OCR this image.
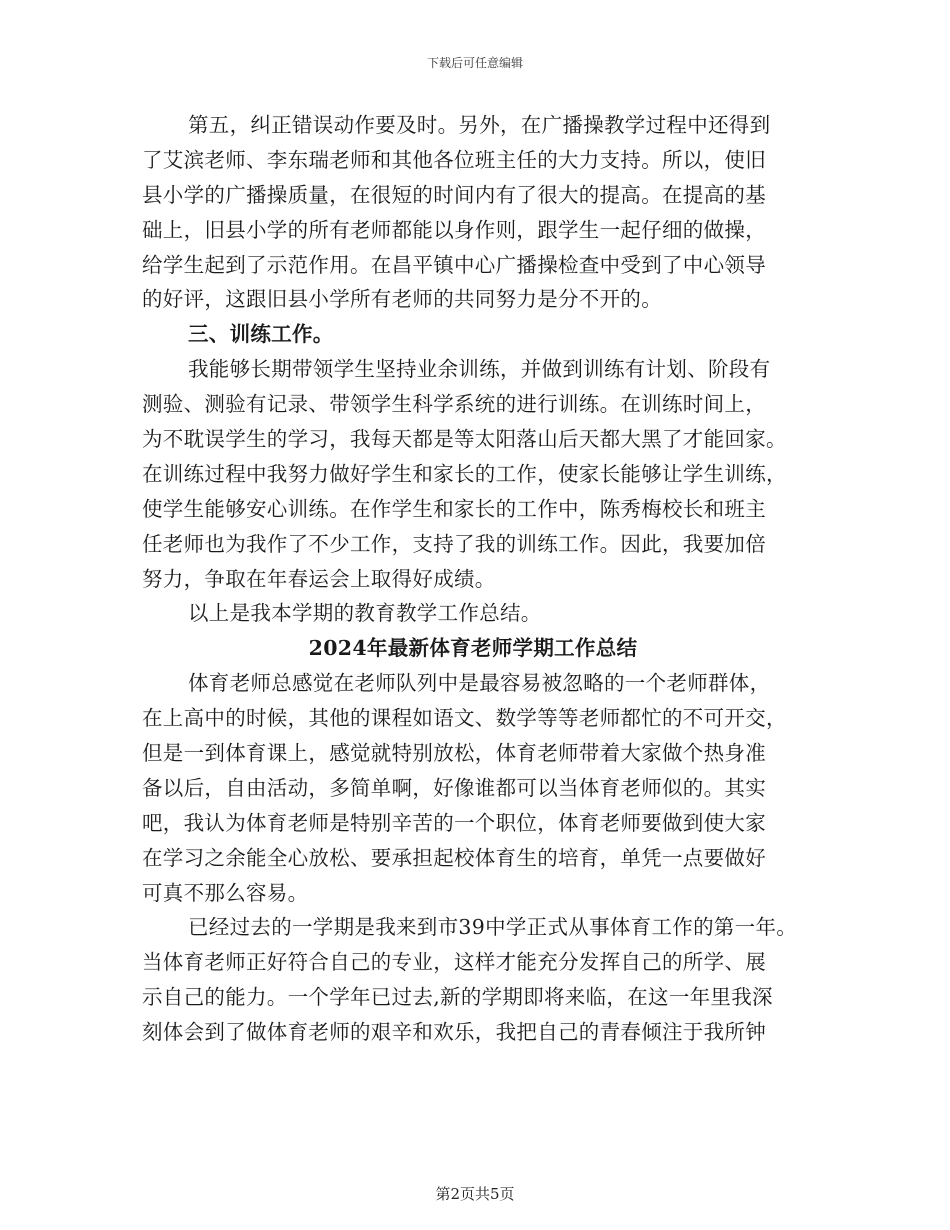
下载后可任意编辑
第五，纠正错误动作要及时。另外，在广播操教学过程中还得到
了艾滨老师、李东瑞老师和其他各位班主任的大力支持。所以，使旧
县小学的广播操质量，在很短的时间内有了很大的提高。在提高的基
础上，旧县小学的所有老师都能以身作则，跟学生一起仔细的做操，
给学生起到了示范作用。在昌平镇中心广播操检查中受到了中心领导
的好评，这跟旧县小学所有老师的共同努力是分不开的。
三、训练工作。
我能够长期带领学生坚持业余训练，并做到训练有计划、阶段有
测验、测验有记录、带领学生科学系统的进行训练。在训练时间上，
为不耽误学生的学习，我每天都是等太阳落山后天都大黑了才能回家。
在训练过程中我努力做好学生和家长的工作，使家长能够让学生训练，
使学生能够安心训练。在作学生和家长的工作中，陈秀梅校长和班主
任老师也为我作了不少工作，支持了我的训练工作。因此，我要加倍
努力，争取在年春运会上取得好成绩。
以上是我本学期的教育教学工作总结。
2024年最新体育老师学期工作总结
体育老师总感觉在老师队列中是最容易被忽略的一个老师群体，
在上高中的时候，其他的课程如语文、数学等等老师都忙的不可开交，
但是一到体育课上，感觉就特别放松，体育老师带着大家做个热身准
备以后，自由活动，多简单啊，好像谁都可以当体育老师似的。其实
吧，我认为体育老师是特别辛苦的一个职位，体育老师要做到使大家
在学习之余能全心放松、要承担起校体育生的培育，单凭一点要做好
可真不那么容易。
已经过去的一学期是我来到市39中学正式从事体育工作的第一年。
当体育老师正好符合自己的专业，这样才能充分发挥自己的所学、展
示自己的能力。一个学年已过去,新的学期即将来临，在这一年里我深
刻体会到了做体育老师的艰辛和欢乐，我把自己的青春倾注于我所钟
第2页共5页
